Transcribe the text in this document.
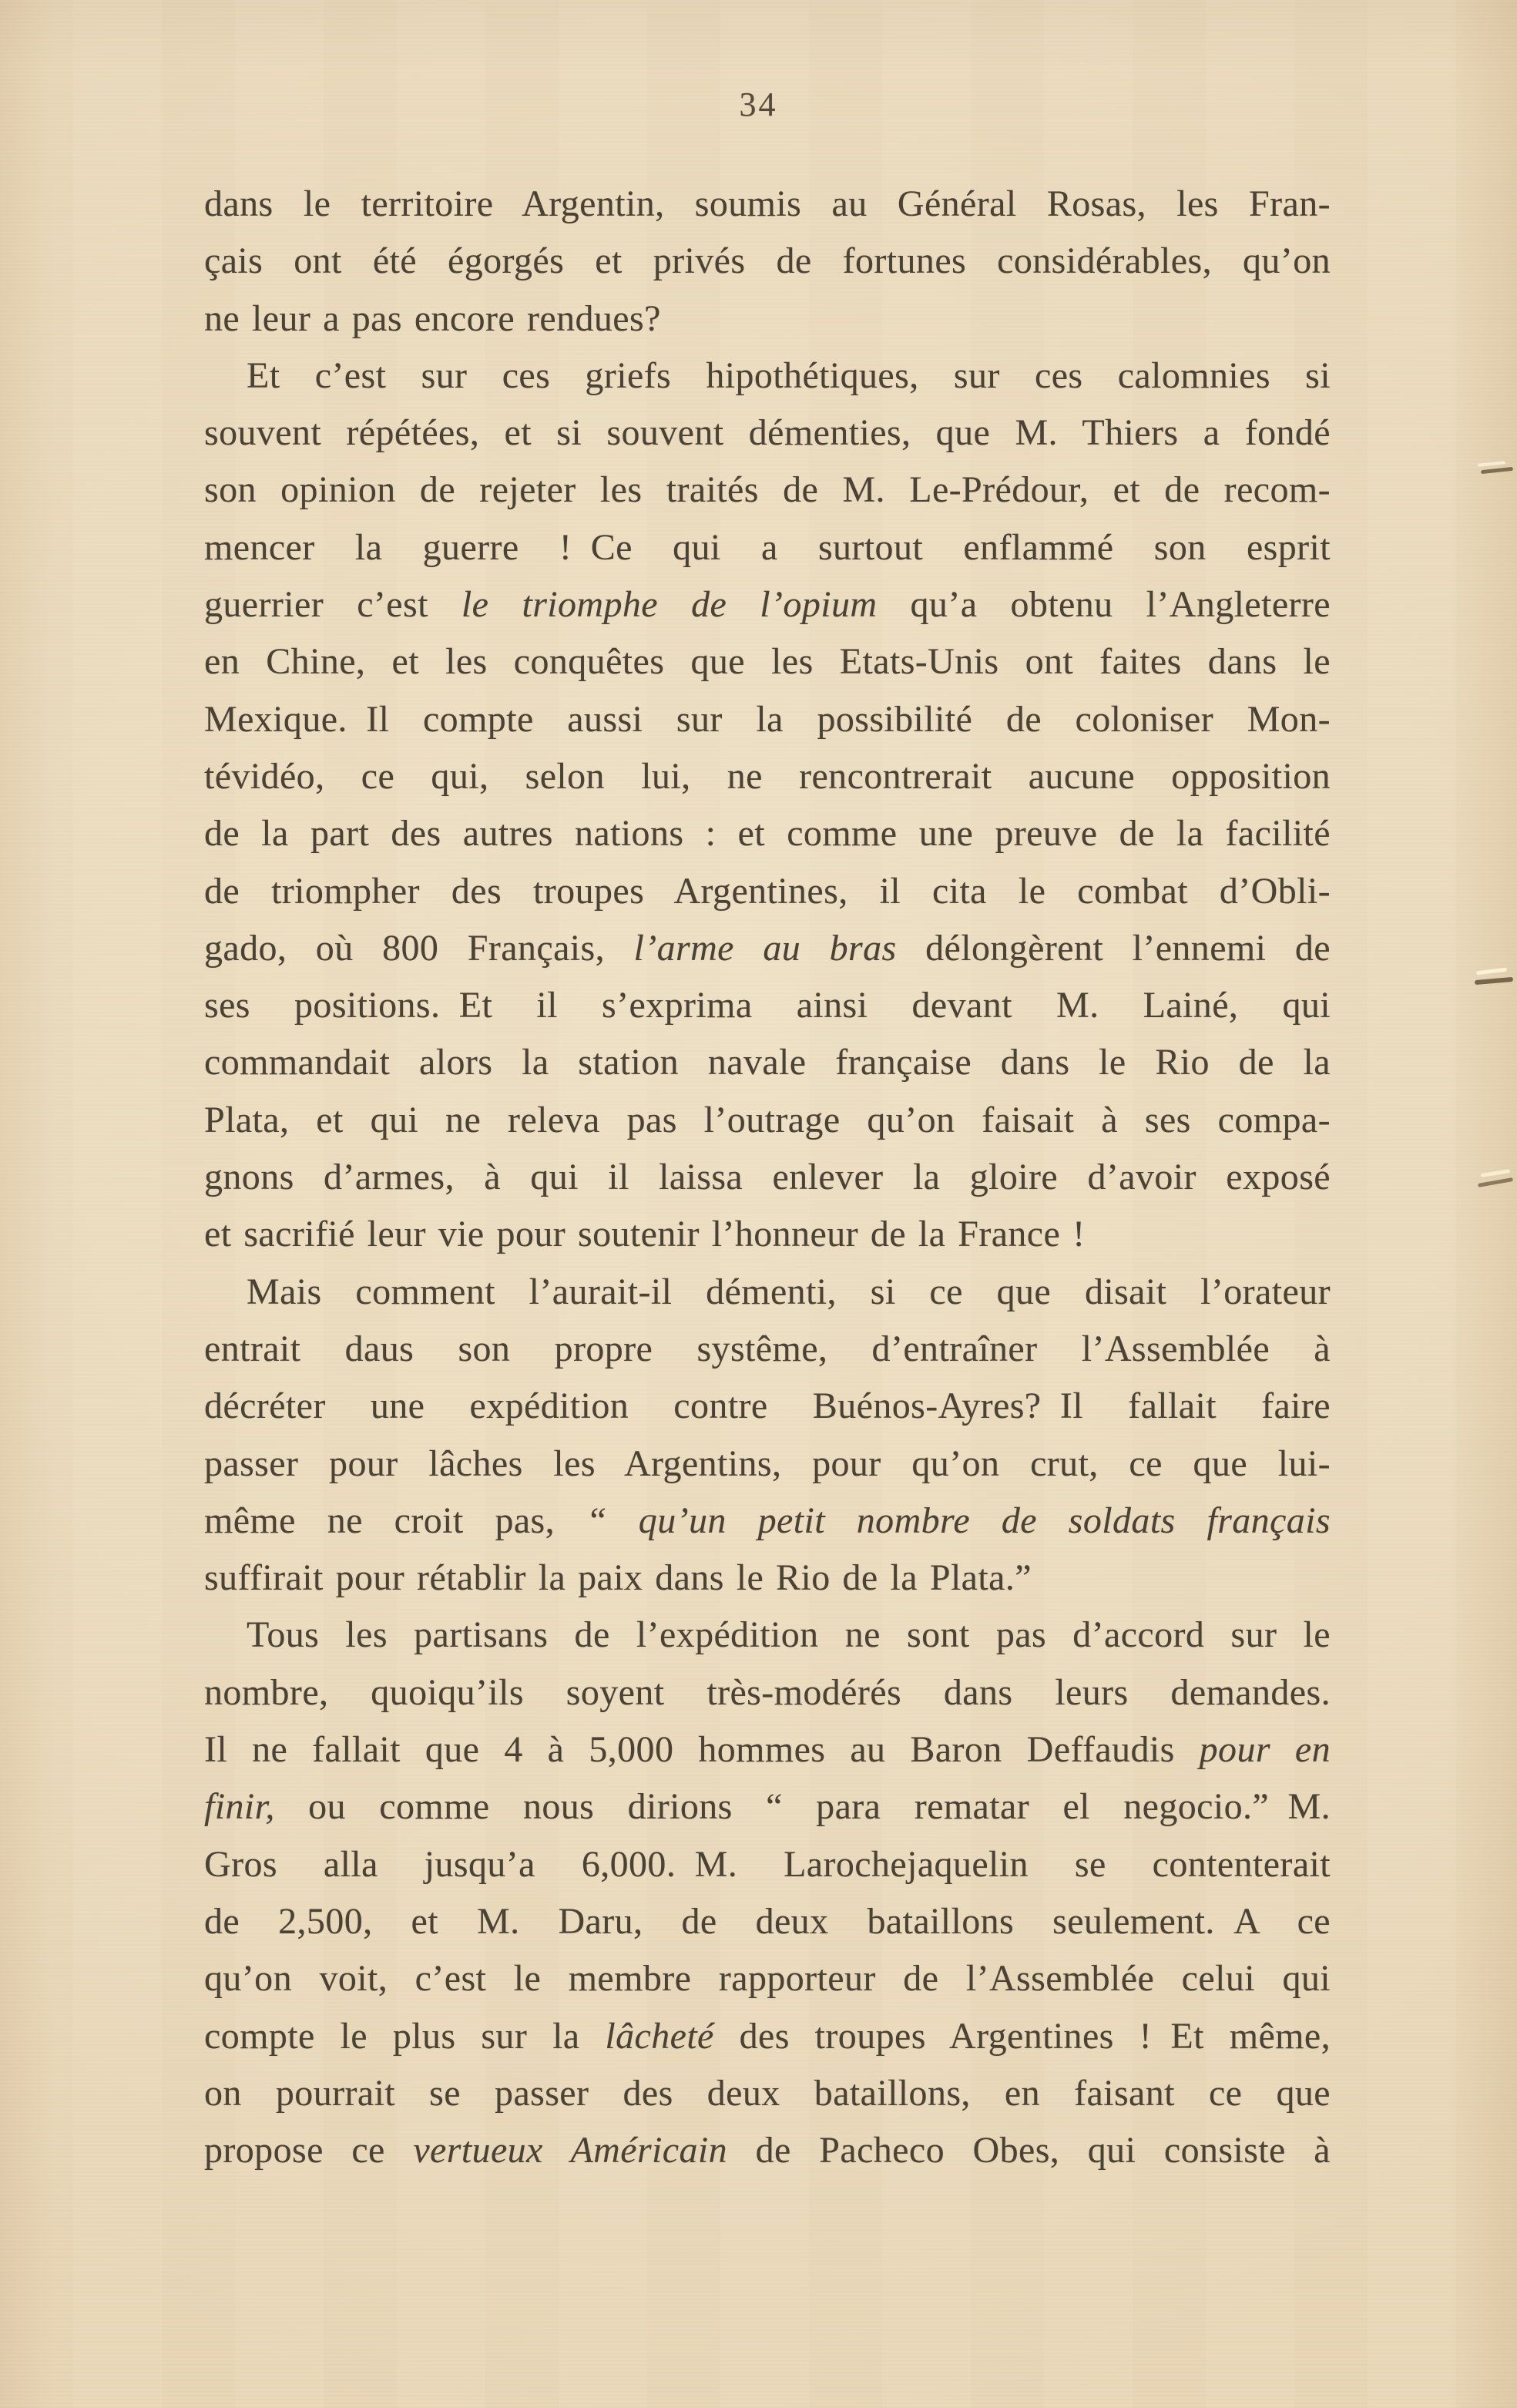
34
dans le territoire Argentin, soumis au Général Rosas, les Fran-
çais ont été égorgés et privés de fortunes considérables, qu’on
ne leur a pas encore rendues?
Et c’est sur ces griefs hipothétiques, sur ces calomnies si
souvent répétées, et si souvent démenties, que M. Thiers a fondé
son opinion de rejeter les traités de M. Le-Prédour, et de recom-
mencer la guerre ! Ce qui a surtout enflammé son esprit
guerrier c’est le triomphe de l’opium qu’a obtenu l’Angleterre
en Chine, et les conquêtes que les Etats-Unis ont faites dans le
Mexique. Il compte aussi sur la possibilité de coloniser Mon-
tévidéo, ce qui, selon lui, ne rencontrerait aucune opposition
de la part des autres nations : et comme une preuve de la facilité
de triompher des troupes Argentines, il cita le combat d’Obli-
gado, où 800 Français, l’arme au bras délongèrent l’ennemi de
ses positions. Et il s’exprima ainsi devant M. Lainé, qui
commandait alors la station navale française dans le Rio de la
Plata, et qui ne releva pas l’outrage qu’on faisait à ses compa-
gnons d’armes, à qui il laissa enlever la gloire d’avoir exposé
et sacrifié leur vie pour soutenir l’honneur de la France !
Mais comment l’aurait-il démenti, si ce que disait l’orateur
entrait daus son propre systême, d’entraîner l’Assemblée à
décréter une expédition contre Buénos-Ayres? Il fallait faire
passer pour lâches les Argentins, pour qu’on crut, ce que lui-
même ne croit pas, “ qu’un petit nombre de soldats français
suffirait pour rétablir la paix dans le Rio de la Plata.”
Tous les partisans de l’expédition ne sont pas d’accord sur le
nombre, quoiqu’ils soyent très-modérés dans leurs demandes.
Il ne fallait que 4 à 5,000 hommes au Baron Deffaudis pour en
finir, ou comme nous dirions “ para rematar el negocio.” M.
Gros alla jusqu’a 6,000. M. Larochejaquelin se contenterait
de 2,500, et M. Daru, de deux bataillons seulement. A ce
qu’on voit, c’est le membre rapporteur de l’Assemblée celui qui
compte le plus sur la lâcheté des troupes Argentines ! Et même,
on pourrait se passer des deux bataillons, en faisant ce que
propose ce vertueux Américain de Pacheco Obes, qui consiste à
